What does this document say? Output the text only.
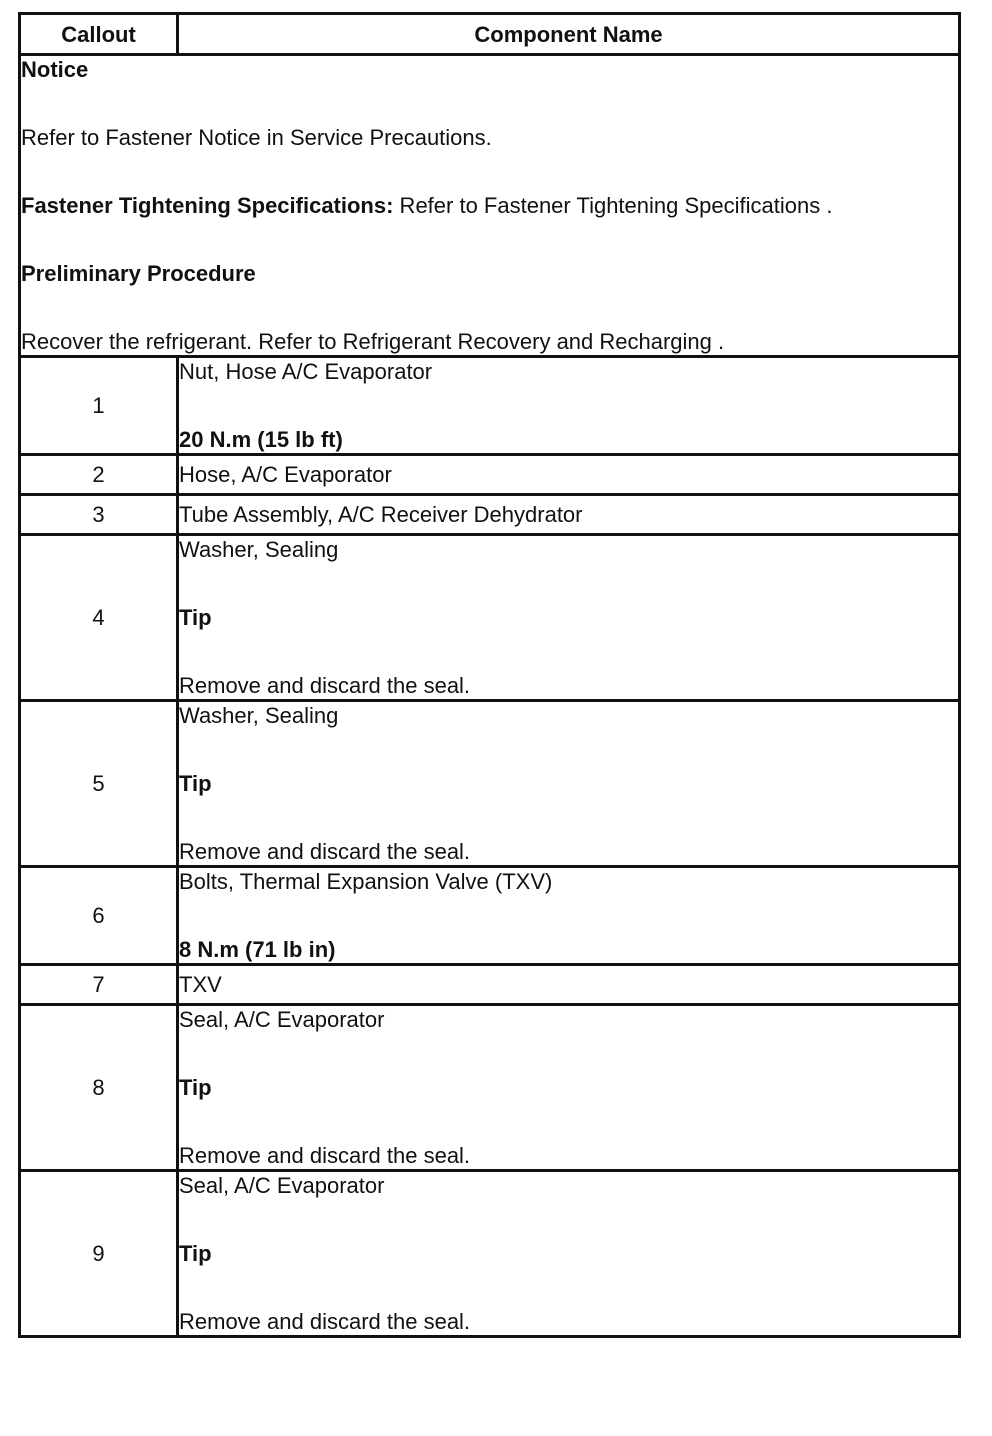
Callout	Component Name

Notice

Refer to Fastener Notice in Service Precautions.

Fastener Tightening Specifications: Refer to Fastener Tightening Specifications .

Preliminary Procedure

Recover the refrigerant. Refer to Refrigerant Recovery and Recharging .	

1	Nut, Hose A/C Evaporator

20 N.m (15 lb ft)

2	Hose, A/C Evaporator
3	Tube Assembly, A/C Receiver Dehydrator
4	Washer, Sealing

Tip

Remove and discard the seal.

5	Washer, Sealing

Tip

Remove and discard the seal.

6	Bolts, Thermal Expansion Valve (TXV)

8 N.m (71 lb in)

7	TXV
8	Seal, A/C Evaporator

Tip

Remove and discard the seal.

9	Seal, A/C Evaporator

Tip

Remove and discard the seal.
